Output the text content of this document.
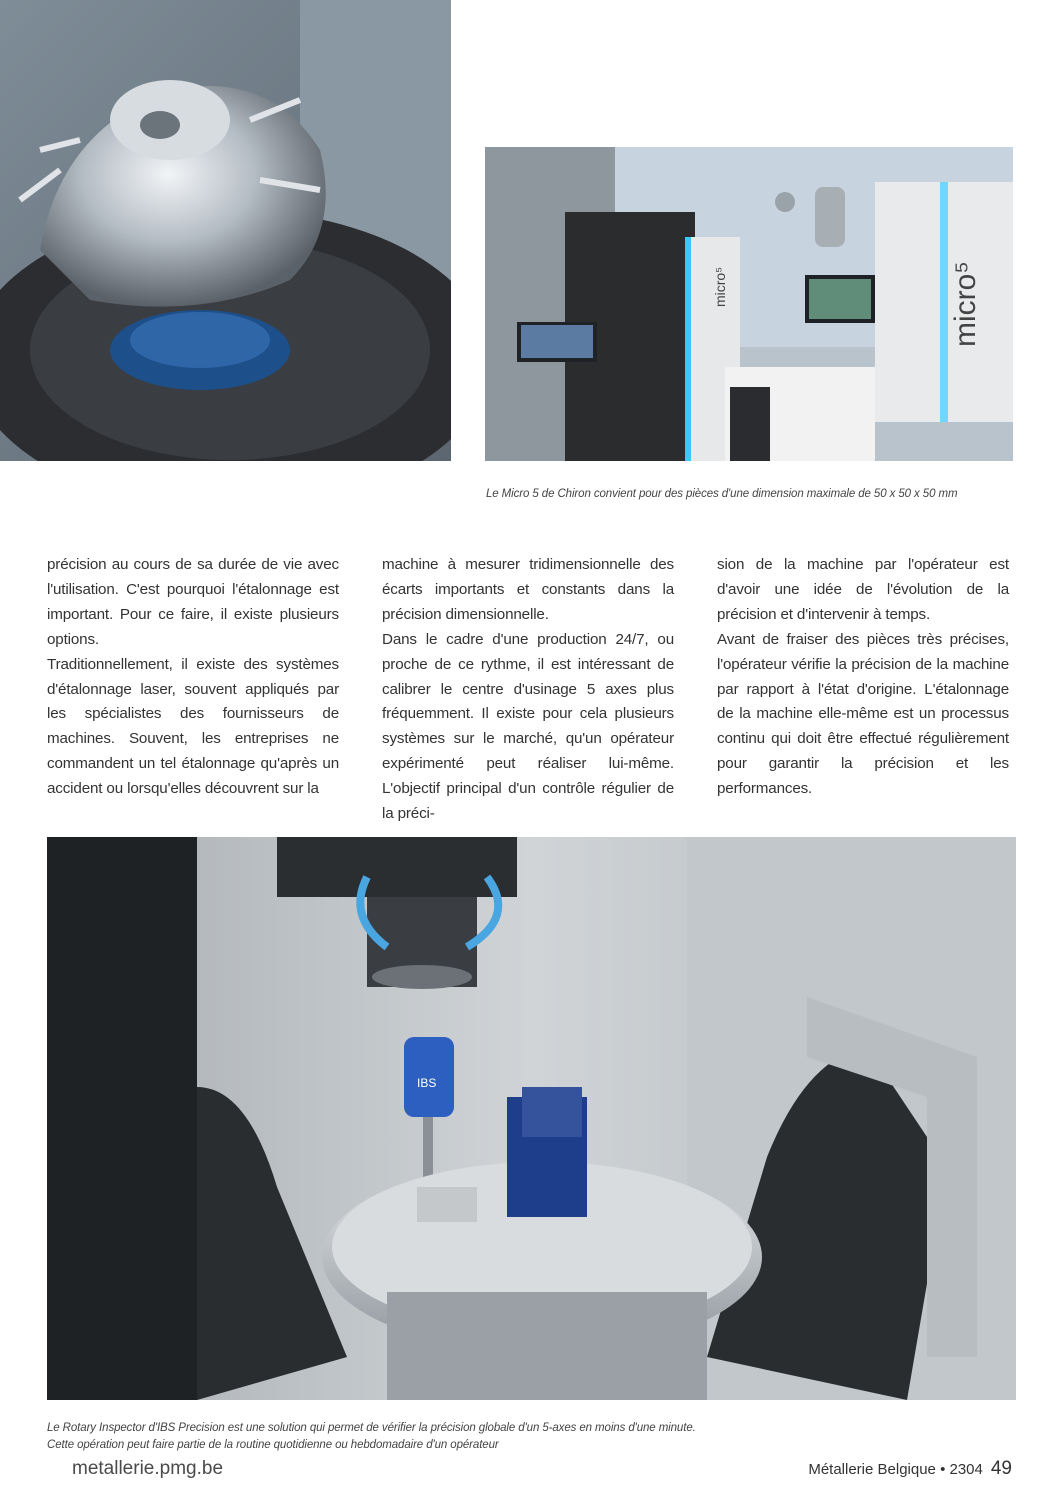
micro⁵
micro⁵

Le Micro 5 de Chiron convient pour des pièces d'une dimension maximale de 50 x 50 x 50 mm

précision au cours de sa durée de vie avec l'utilisation. C'est pourquoi l'étalonnage est important. Pour ce faire, il existe plusieurs options.

Traditionnellement, il existe des systèmes d'étalonnage laser, souvent appliqués par les spécialistes des fournisseurs de machines. Souvent, les entreprises ne commandent un tel étalonnage qu'après un accident ou lorsqu'elles découvrent sur la

machine à mesurer tridimensionnelle des écarts importants et constants dans la précision dimensionnelle.

Dans le cadre d'une production 24/7, ou proche de ce rythme, il est intéressant de calibrer le centre d'usinage 5 axes plus fréquemment. Il existe pour cela plusieurs systèmes sur le marché, qu'un opérateur expérimenté peut réaliser lui-même. L'objectif principal d'un contrôle régulier de la préci-

sion de la machine par l'opérateur est d'avoir une idée de l'évolution de la précision et d'intervenir à temps.

Avant de fraiser des pièces très précises, l'opérateur vérifie la précision de la machine par rapport à l'état d'origine. L'étalonnage de la machine elle-même est un processus continu qui doit être effectué régulièrement pour garantir la précision et les performances.

IBS

Le Rotary Inspector d'IBS Precision est une solution qui permet de vérifier la précision globale d'un 5-axes en moins d'une minute.

Cette opération peut faire partie de la routine quotidienne ou hebdomadaire d'un opérateur

metallerie.pmg.be	Métallerie Belgique • 2304 49
